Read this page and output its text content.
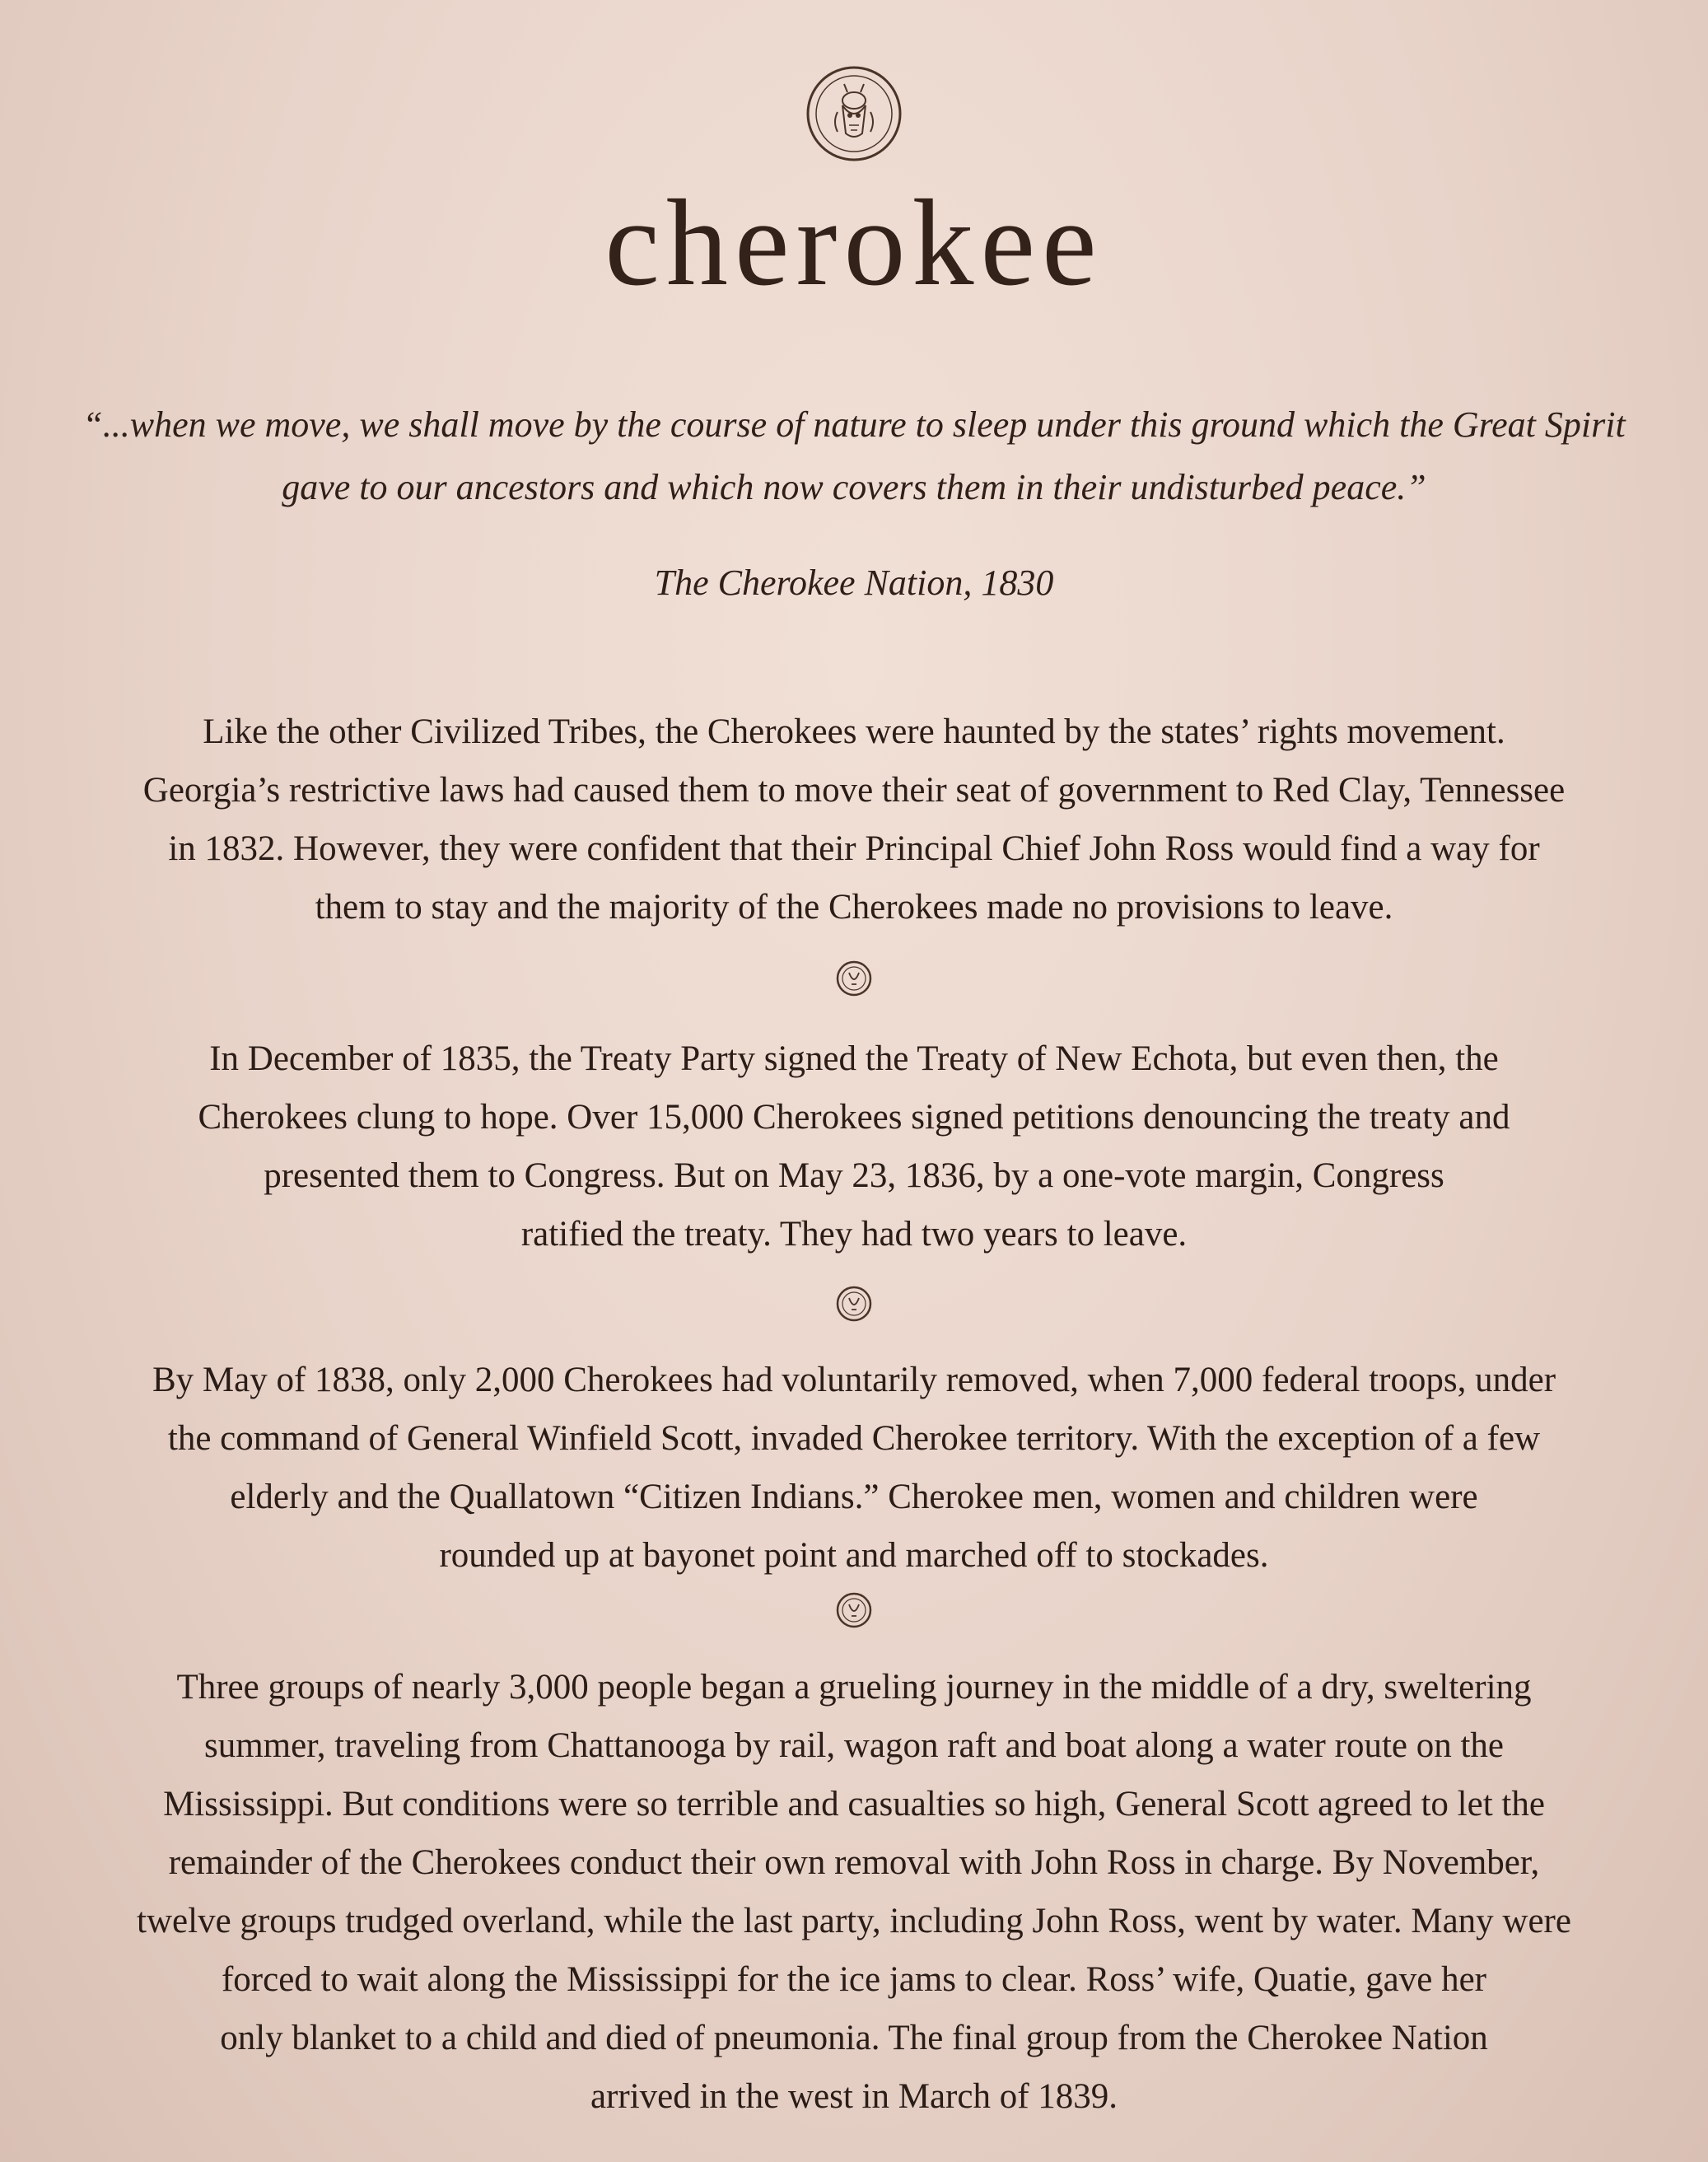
cherokee
“...when we move, we shall move by the course of nature to sleep under this ground which the Great Spirit
gave to our ancestors and which now covers them in their undisturbed peace.”
The Cherokee Nation, 1830
Like the other Civilized Tribes, the Cherokees were haunted by the states’ rights movement.
Georgia’s restrictive laws had caused them to move their seat of government to Red Clay, Tennessee
in 1832. However, they were confident that their Principal Chief John Ross would find a way for
them to stay and the majority of the Cherokees made no provisions to leave.
In December of 1835, the Treaty Party signed the Treaty of New Echota, but even then, the
Cherokees clung to hope. Over 15,000 Cherokees signed petitions denouncing the treaty and
presented them to Congress. But on May 23, 1836, by a one-vote margin, Congress
ratified the treaty. They had two years to leave.
By May of 1838, only 2,000 Cherokees had voluntarily removed, when 7,000 federal troops, under
the command of General Winfield Scott, invaded Cherokee territory. With the exception of a few
elderly and the Quallatown “Citizen Indians.” Cherokee men, women and children were
rounded up at bayonet point and marched off to stockades.
Three groups of nearly 3,000 people began a grueling journey in the middle of a dry, sweltering
summer, traveling from Chattanooga by rail, wagon raft and boat along a water route on the
Mississippi. But conditions were so terrible and casualties so high, General Scott agreed to let the
remainder of the Cherokees conduct their own removal with John Ross in charge. By November,
twelve groups trudged overland, while the last party, including John Ross, went by water. Many were
forced to wait along the Mississippi for the ice jams to clear. Ross’ wife, Quatie, gave her
only blanket to a child and died of pneumonia. The final group from the Cherokee Nation
arrived in the west in March of 1839.
